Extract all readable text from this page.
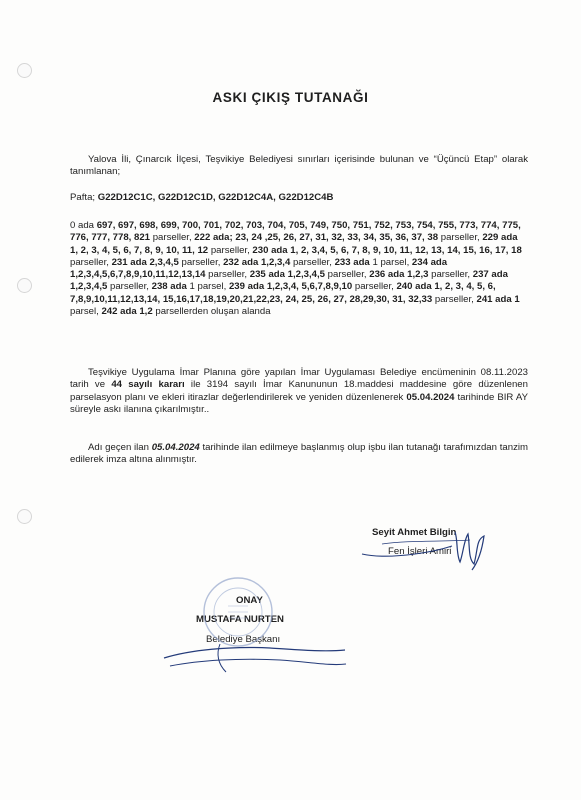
ASKI ÇIKIŞ TUTANAĞI
Yalova İli, Çınarcık İlçesi, Teşvikiye Belediyesi sınırları içerisinde bulunan ve “Üçüncü Etap” olarak tanımlanan;
Pafta; G22D12C1C, G22D12C1D, G22D12C4A, G22D12C4B
0 ada 697, 697, 698, 699, 700, 701, 702, 703, 704, 705, 749, 750, 751, 752, 753, 754, 755, 773, 774, 775, 776, 777, 778, 821 parseller, 222 ada; 23, 24 ,25, 26, 27, 31, 32, 33, 34, 35, 36, 37, 38 parseller, 229 ada 1, 2, 3, 4, 5, 6, 7, 8, 9, 10, 11, 12 parseller, 230 ada 1, 2, 3,4, 5, 6, 7, 8, 9, 10, 11, 12, 13, 14, 15, 16, 17, 18 parseller, 231 ada 2,3,4,5 parseller, 232 ada 1,2,3,4 parseller, 233 ada 1 parsel, 234 ada 1,2,3,4,5,6,7,8,9,10,11,12,13,14 parseller, 235 ada 1,2,3,4,5 parseller, 236 ada 1,2,3 parseller, 237 ada 1,2,3,4,5 parseller, 238 ada 1 parsel, 239 ada 1,2,3,4, 5,6,7,8,9,10 parseller, 240 ada 1, 2, 3, 4, 5, 6, 7,8,9,10,11,12,13,14, 15,16,17,18,19,20,21,22,23, 24, 25, 26, 27, 28,29,30, 31, 32,33 parseller, 241 ada 1 parsel, 242 ada 1,2 parsellerden oluşan alanda
Teşvikiye Uygulama İmar Planına göre yapılan İmar Uygulaması Belediye encümeninin 08.11.2023 tarih ve 44 sayılı kararı ile 3194 sayılı İmar Kanununun 18.maddesi maddesine göre düzenlenen parselasyon planı ve ekleri itirazlar değerlendirilerek ve yeniden düzenlenerek 05.04.2024 tarihinde BIR AY süreyle askı ilanına çıkarılmıştır..
Adı geçen ilan 05.04.2024 tarihinde ilan edilmeye başlanmış olup işbu ilan tutanağı tarafımızdan tanzim edilerek imza altına alınmıştır.
Seyit Ahmet Bilgin
Fen İşleri Amiri
ONAY
MUSTAFA NURTEN
Belediye Başkanı
